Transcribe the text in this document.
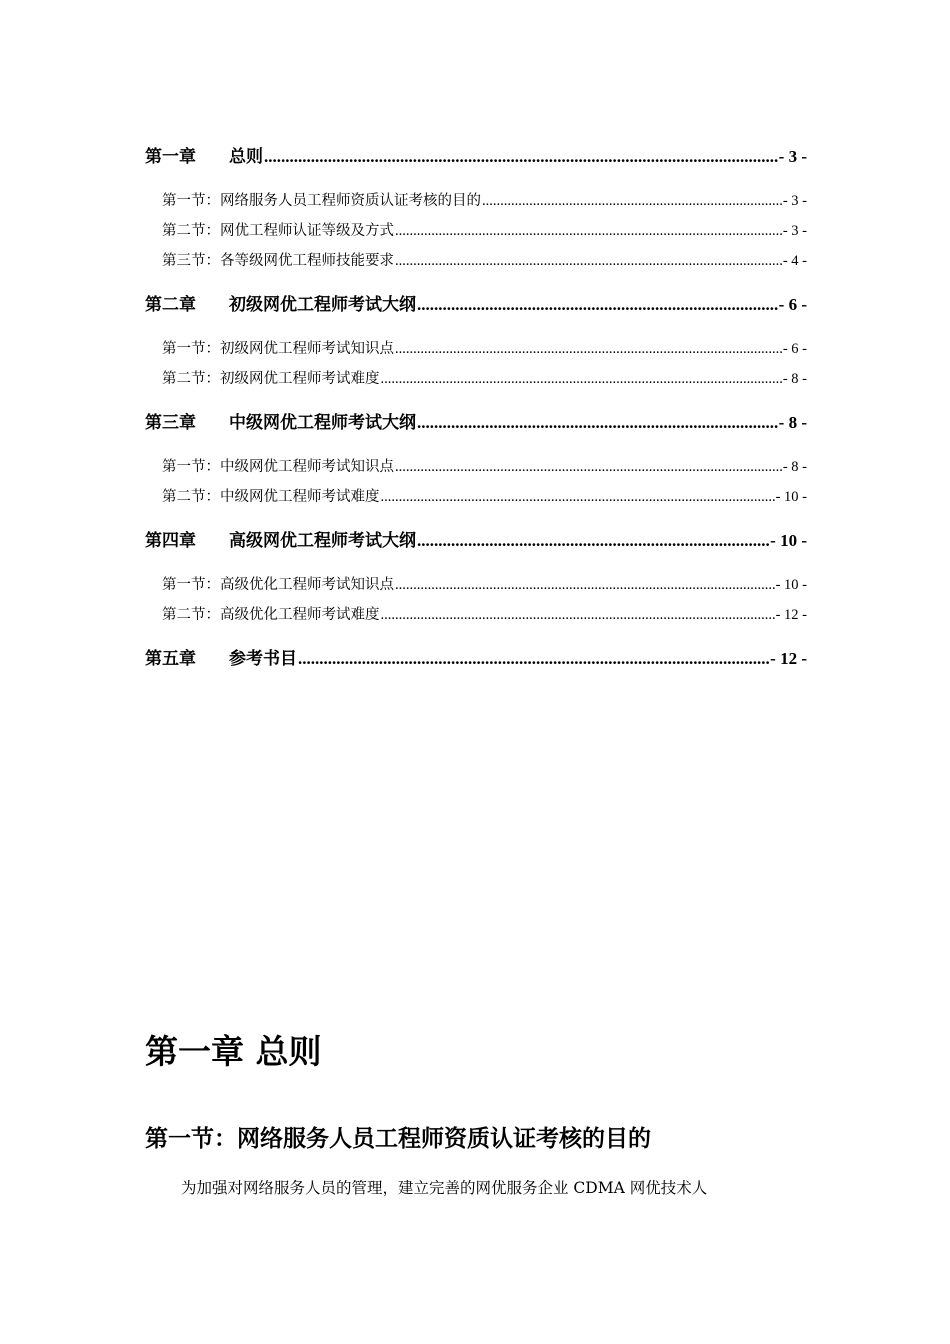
第一章	总则 .....	- 3 -
第一节： 网络服务人员工程师资质认证考核的目的 .....	- 3 -
第二节： 网优工程师认证等级及方式 .....	- 3 -
第三节： 各等级网优工程师技能要求 .....	- 4 -
第二章	初级网优工程师考试大纲 .....	- 6 -
第一节： 初级网优工程师考试知识点 .....	- 6 -
第二节： 初级网优工程师考试难度 .....	- 8 -
第三章	中级网优工程师考试大纲 .....	- 8 -
第一节： 中级网优工程师考试知识点 .....	- 8 -
第二节： 中级网优工程师考试难度 .....	- 10 -
第四章	高级网优工程师考试大纲 .....	- 10 -
第一节： 高级优化工程师考试知识点 .....	- 10 -
第二节： 高级优化工程师考试难度 .....	- 12 -
第五章	参考书目 .....	- 12 -
第一章 总则
第一节：网络服务人员工程师资质认证考核的目的

为加强对网络服务人员的管理，建立完善的网优服务企业 CDMA 网优技术人
